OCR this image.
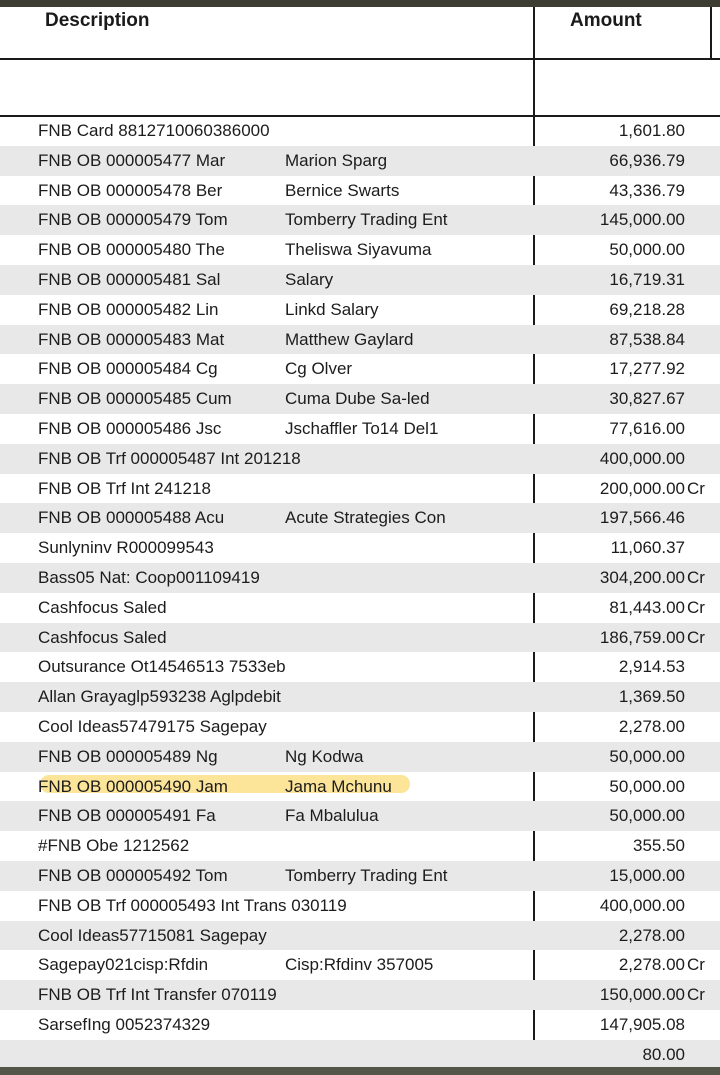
Description	Amount
FNB Card 8812710060386000	1,601.80
FNB OB 000005477 Mar	Marion Sparg	66,936.79
FNB OB 000005478 Ber	Bernice Swarts	43,336.79
FNB OB 000005479 Tom	Tomberry Trading Ent	145,000.00
FNB OB 000005480 The	Theliswa Siyavuma	50,000.00
FNB OB 000005481 Sal	Salary	16,719.31
FNB OB 000005482 Lin	Linkd Salary	69,218.28
FNB OB 000005483 Mat	Matthew Gaylard	87,538.84
FNB OB 000005484 Cg	Cg Olver	17,277.92
FNB OB 000005485 Cum	Cuma Dube Sa-led	30,827.67
FNB OB 000005486 Jsc	Jschaffler To14 Del1	77,616.00
FNB OB Trf 000005487 Int 201218	400,000.00
FNB OB Trf Int 241218	200,000.00 Cr
FNB OB 000005488 Acu	Acute Strategies Con	197,566.46
Sunlyninv R000099543	11,060.37
Bass05 Nat: Coop001109419	304,200.00 Cr
Cashfocus Saled	81,443.00 Cr
Cashfocus Saled	186,759.00 Cr
Outsurance Ot14546513 7533eb	2,914.53
Allan Grayaglp593238 Aglpdebit	1,369.50
Cool Ideas57479175 Sagepay	2,278.00
FNB OB 000005489 Ng	Ng Kodwa	50,000.00
FNB OB 000005490 Jam	Jama Mchunu	50,000.00
FNB OB 000005491 Fa	Fa Mbalulua	50,000.00
#FNB Obe 1212562	355.50
FNB OB 000005492 Tom	Tomberry Trading Ent	15,000.00
FNB OB Trf 000005493 Int Trans 030119	400,000.00
Cool Ideas57715081 Sagepay	2,278.00
Sagepay021cisp:Rfdin	Cisp:Rfdinv 357005	2,278.00 Cr
FNB OB Trf Int Transfer 070119	150,000.00 Cr
SarsefIng 0052374329	147,905.08
80.00
